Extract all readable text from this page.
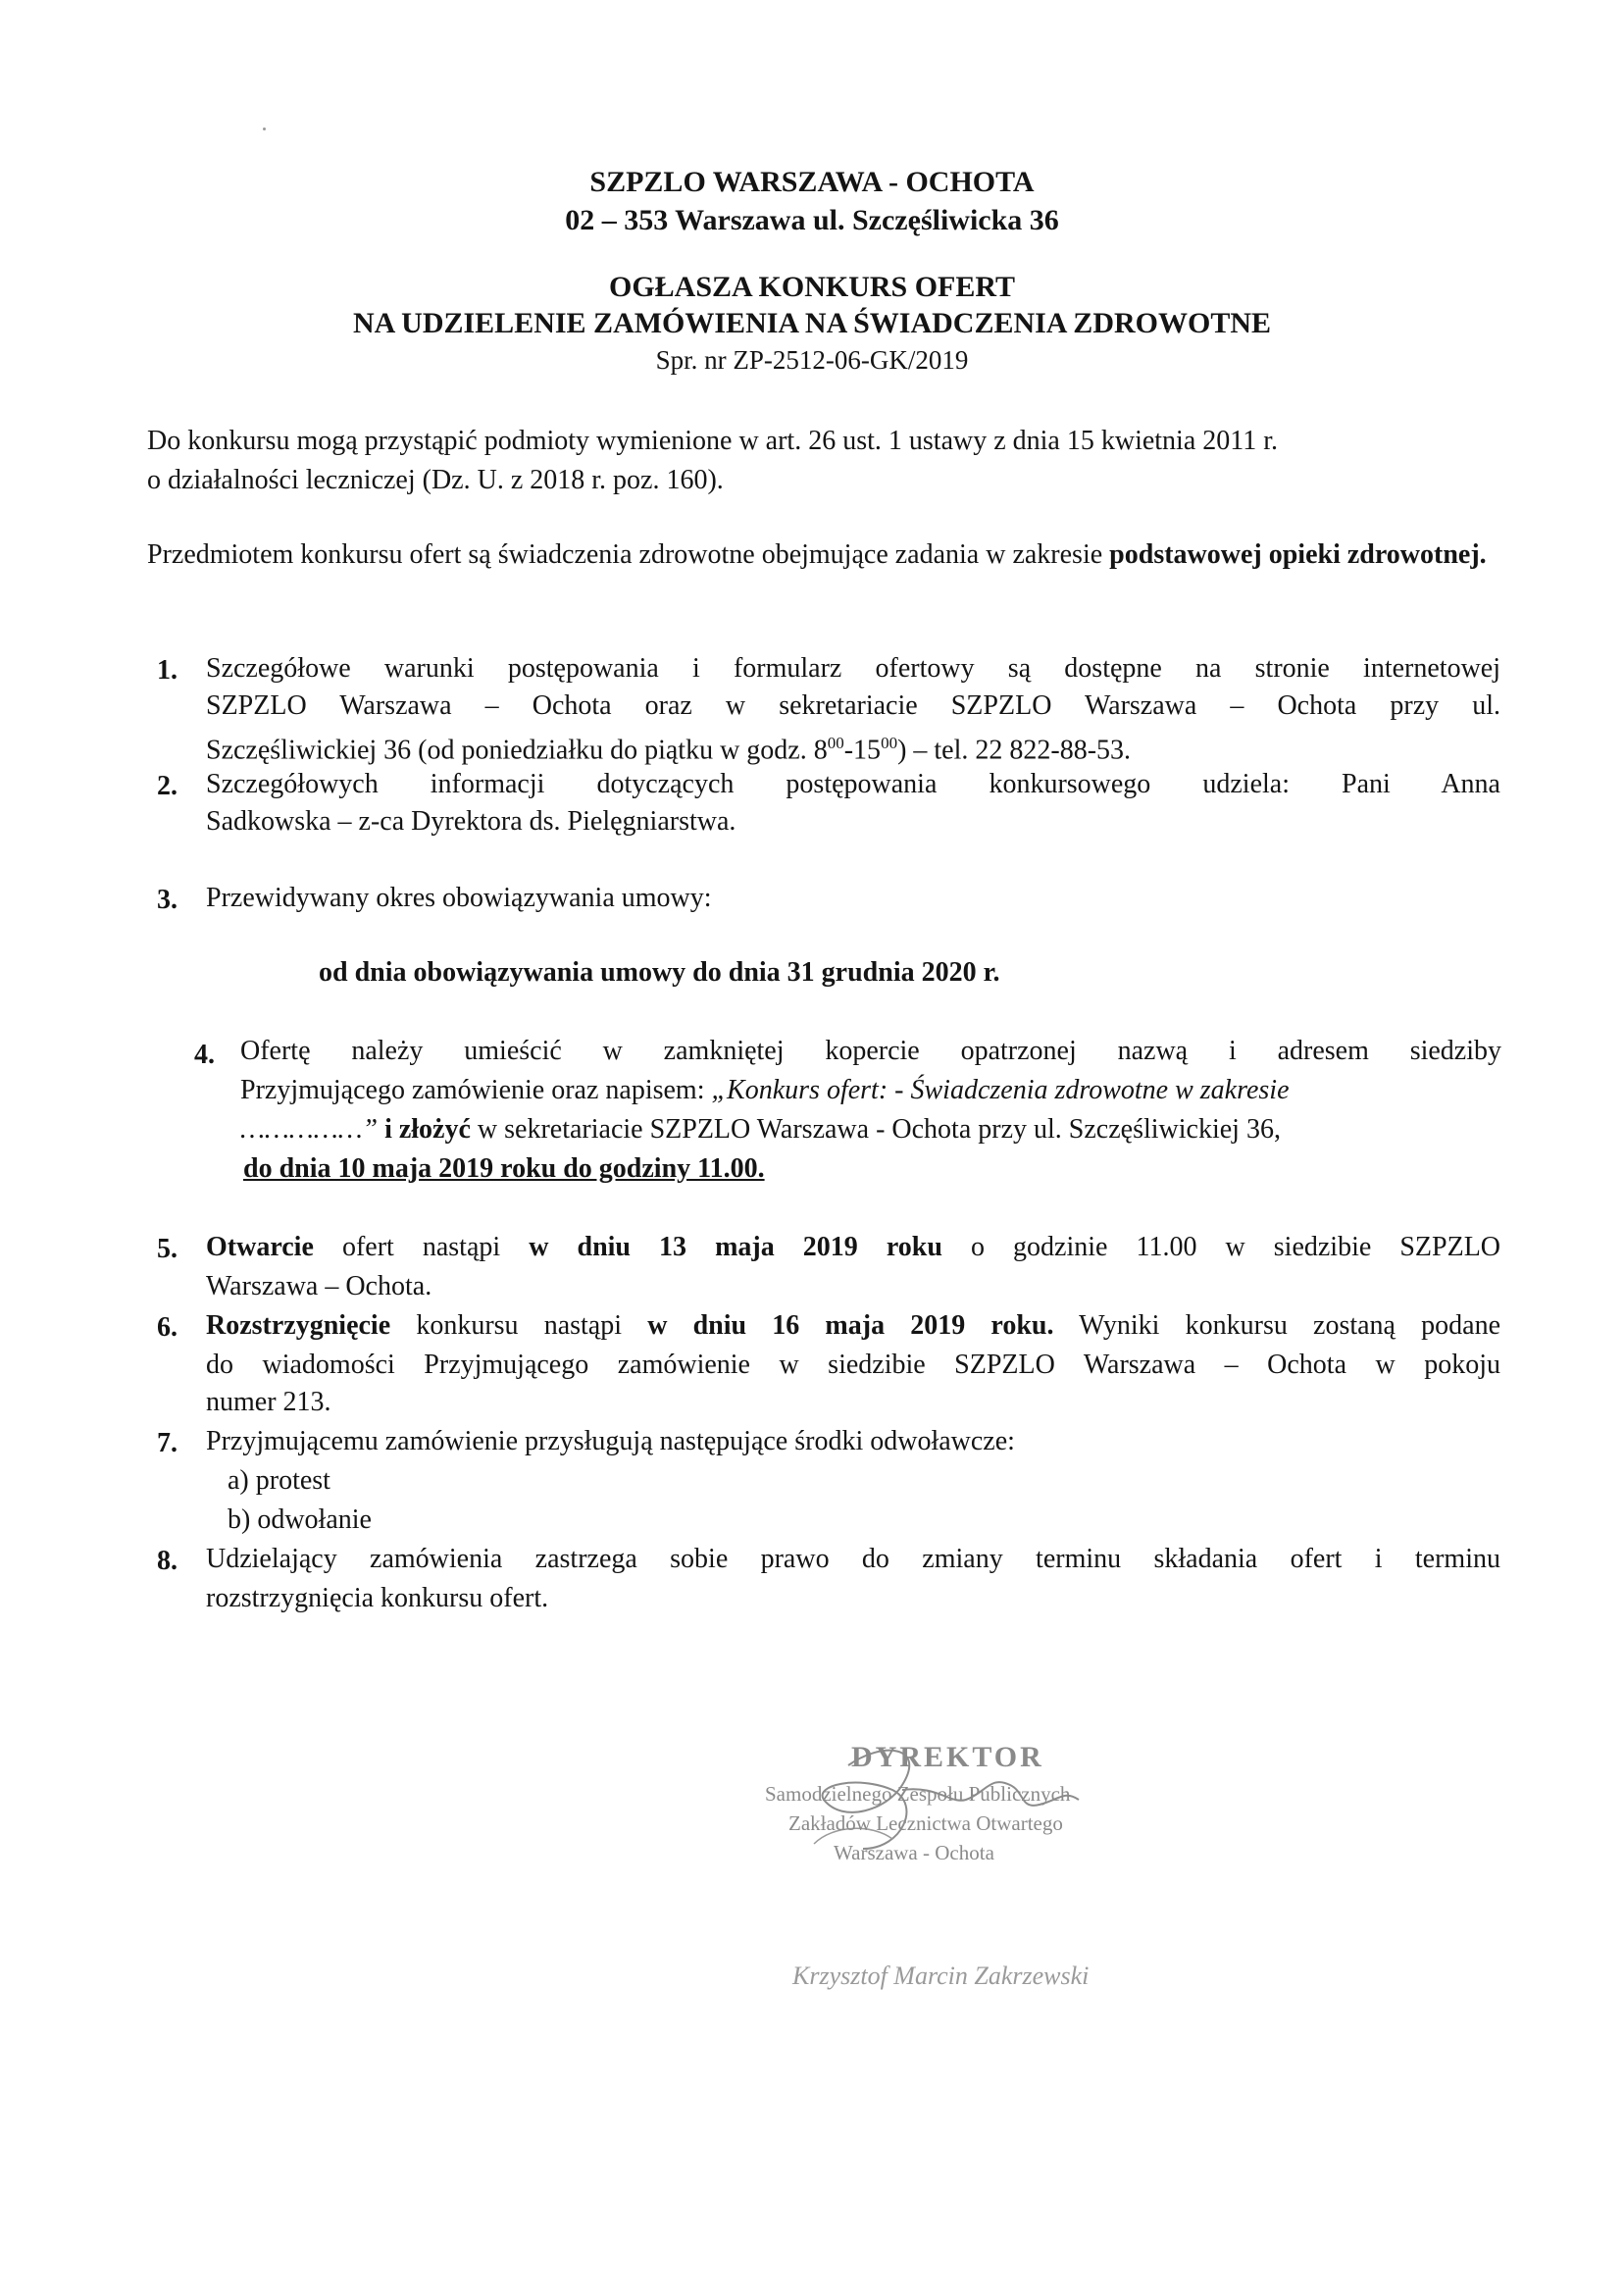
SZPZLO WARSZAWA - OCHOTA
02 – 353 Warszawa ul. Szczęśliwicka 36
OGŁASZA KONKURS OFERT
NA UDZIELENIE ZAMÓWIENIA NA ŚWIADCZENIA ZDROWOTNE
Spr. nr ZP-2512-06-GK/2019
Do konkursu mogą przystąpić podmioty wymienione w art. 26 ust. 1 ustawy z dnia 15 kwietnia 2011 r.
o działalności leczniczej (Dz. U. z 2018 r. poz. 160).
Przedmiotem konkursu ofert są świadczenia zdrowotne obejmujące zadania w zakresie podstawowej opieki zdrowotnej.
1. Szczegółowe warunki postępowania i formularz ofertowy są dostępne na stronie internetowej
SZPZLO Warszawa – Ochota oraz w sekretariacie SZPZLO Warszawa – Ochota przy ul.
Szczęśliwickiej 36 (od poniedziałku do piątku w godz. $8^{00}-15^{00}$) – tel. 22 822-88-53.
2. Szczegółowych informacji dotyczących postępowania konkursowego udziela: Pani Anna
Sadkowska – z-ca Dyrektora ds. Pielęgniarstwa.
3. Przewidywany okres obowiązywania umowy:
od dnia obowiązywania umowy do dnia 31 grudnia 2020 r.
4. Ofertę należy umieścić w zamkniętej kopercie opatrzonej nazwą i adresem siedziby
Przyjmującego zamówienie oraz napisem: „Konkurs ofert: - Świadczenia zdrowotne w zakresie
……………” i złożyć w sekretariacie SZPZLO Warszawa - Ochota przy ul. Szczęśliwickiej 36,
do dnia 10 maja 2019 roku do godziny 11.00.
5. Otwarcie ofert nastąpi w dniu 13 maja 2019 roku o godzinie 11.00 w siedzibie SZPZLO
Warszawa – Ochota.
6. Rozstrzygnięcie konkursu nastąpi w dniu 16 maja 2019 roku. Wyniki konkursu zostaną podane
do wiadomości Przyjmującego zamówienie w siedzibie SZPZLO Warszawa – Ochota w pokoju
numer 213.
7. Przyjmującemu zamówienie przysługują następujące środki odwoławcze:
a) protest
b) odwołanie
8. Udzielający zamówienia zastrzega sobie prawo do zmiany terminu składania ofert i terminu
rozstrzygnięcia konkursu ofert.
DYREKTOR
Samodzielnego Zespołu Publicznych
Zakładów Lecznictwa Otwartego
Warszawa - Ochota
Krzysztof Marcin Zakrzewski
